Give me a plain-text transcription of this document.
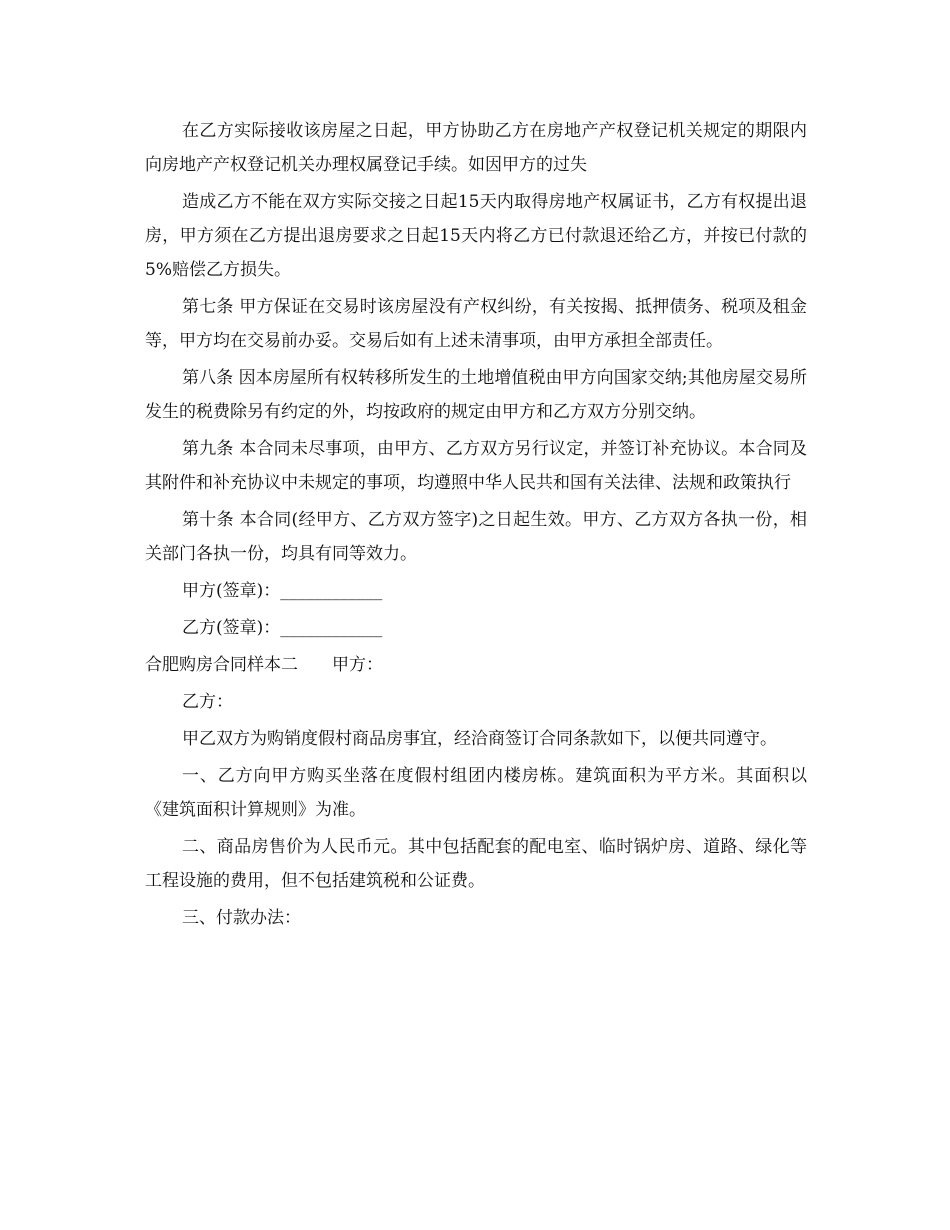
在乙方实际接收该房屋之日起，甲方协助乙方在房地产产权登记机关规定的期限内向房地产产权登记机关办理权属登记手续。如因甲方的过失

造成乙方不能在双方实际交接之日起15天内取得房地产权属证书，乙方有权提出退房，甲方须在乙方提出退房要求之日起15天内将乙方已付款退还给乙方，并按已付款的5%赔偿乙方损失。

第七条 甲方保证在交易时该房屋没有产权纠纷，有关按揭、抵押债务、税项及租金等，甲方均在交易前办妥。交易后如有上述未清事项，由甲方承担全部责任。

第八条 因本房屋所有权转移所发生的土地增值税由甲方向国家交纳;其他房屋交易所发生的税费除另有约定的外，均按政府的规定由甲方和乙方双方分别交纳。

第九条 本合同未尽事项，由甲方、乙方双方另行议定，并签订补充协议。本合同及其附件和补充协议中未规定的事项，均遵照中华人民共和国有关法律、法规和政策执行

第十条 本合同(经甲方、乙方双方签字)之日起生效。甲方、乙方双方各执一份，相关部门各执一份，均具有同等效力。

甲方(签章)：____________

乙方(签章)：____________

合肥购房合同样本二　　甲方：

乙方：

甲乙双方为购销度假村商品房事宜，经洽商签订合同条款如下，以便共同遵守。

一、乙方向甲方购买坐落在度假村组团内楼房栋。建筑面积为平方米。其面积以《建筑面积计算规则》为准。

二、商品房售价为人民币元。其中包括配套的配电室、临时锅炉房、道路、绿化等工程设施的费用，但不包括建筑税和公证费。

三、付款办法：
